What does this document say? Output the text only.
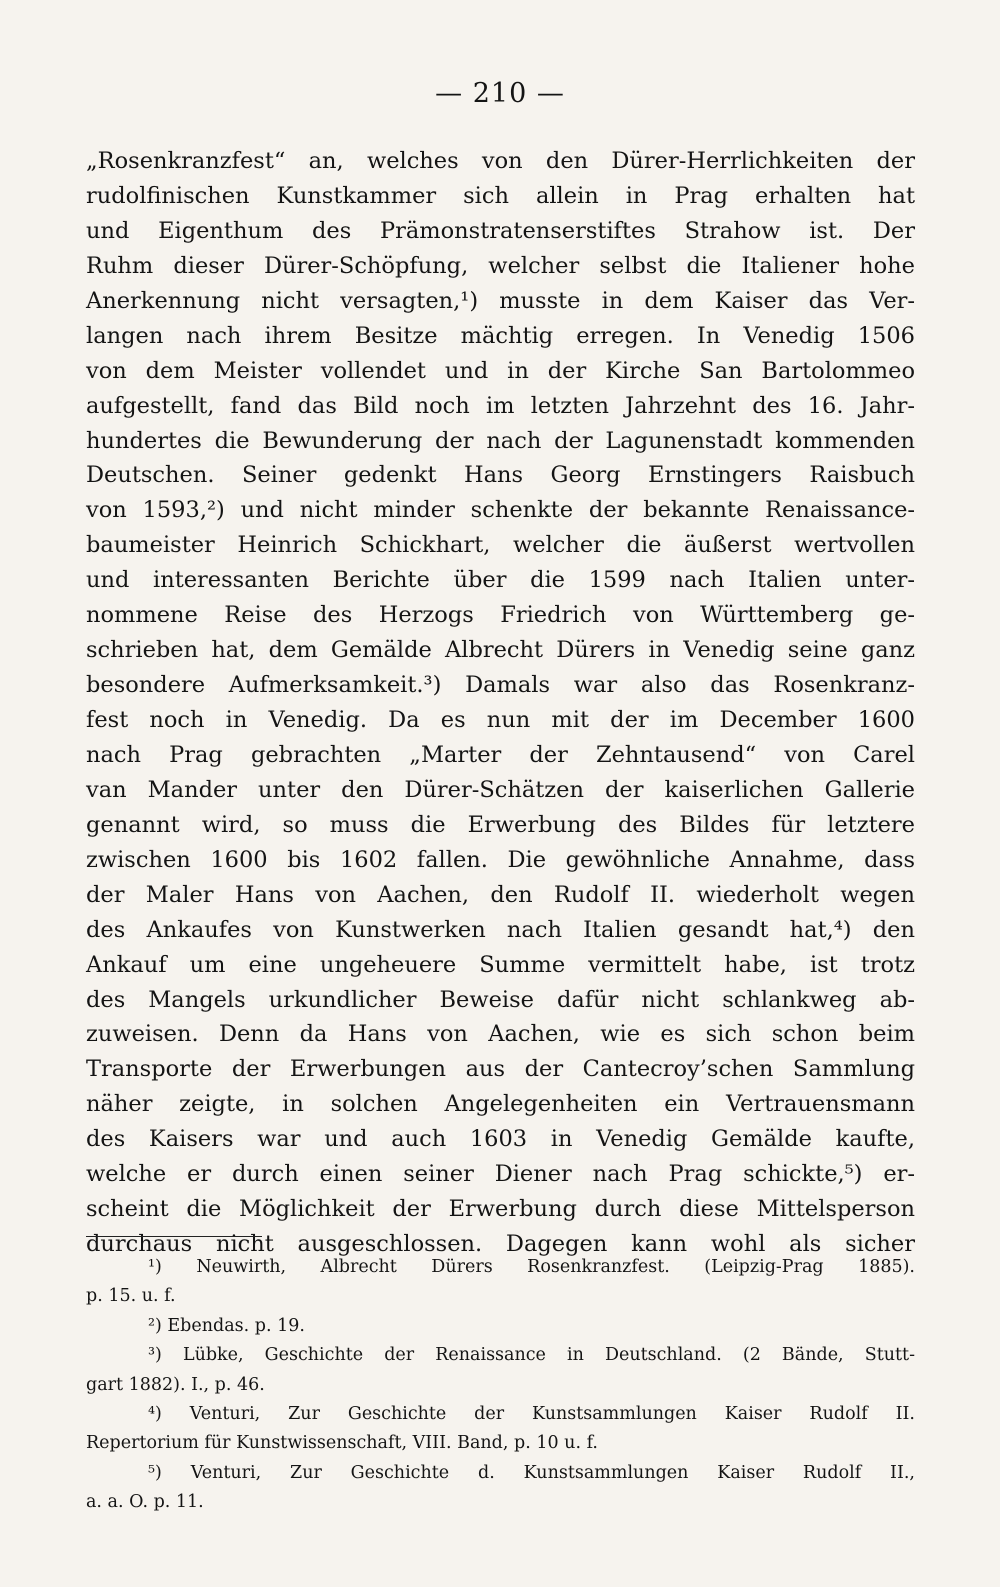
— 210 —
„Rosenkranzfest“ an, welches von den Dürer-Herrlichkeiten der
rudolfinischen Kunstkammer sich allein in Prag erhalten hat
und Eigenthum des Prämonstratenserstiftes Strahow ist. Der
Ruhm dieser Dürer-Schöpfung, welcher selbst die Italiener hohe
Anerkennung nicht versagten,¹) musste in dem Kaiser das Ver-
langen nach ihrem Besitze mächtig erregen. In Venedig 1506
von dem Meister vollendet und in der Kirche San Bartolommeo
aufgestellt, fand das Bild noch im letzten Jahrzehnt des 16. Jahr-
hundertes die Bewunderung der nach der Lagunenstadt kommenden
Deutschen. Seiner gedenkt Hans Georg Ernstingers Raisbuch
von 1593,²) und nicht minder schenkte der bekannte Renaissance-
baumeister Heinrich Schickhart, welcher die äußerst wertvollen
und interessanten Berichte über die 1599 nach Italien unter-
nommene Reise des Herzogs Friedrich von Württemberg ge-
schrieben hat, dem Gemälde Albrecht Dürers in Venedig seine ganz
besondere Aufmerksamkeit.³) Damals war also das Rosenkranz-
fest noch in Venedig. Da es nun mit der im December 1600
nach Prag gebrachten „Marter der Zehntausend“ von Carel
van Mander unter den Dürer-Schätzen der kaiserlichen Gallerie
genannt wird, so muss die Erwerbung des Bildes für letztere
zwischen 1600 bis 1602 fallen. Die gewöhnliche Annahme, dass
der Maler Hans von Aachen, den Rudolf II. wiederholt wegen
des Ankaufes von Kunstwerken nach Italien gesandt hat,⁴) den
Ankauf um eine ungeheuere Summe vermittelt habe, ist trotz
des Mangels urkundlicher Beweise dafür nicht schlankweg ab-
zuweisen. Denn da Hans von Aachen, wie es sich schon beim
Transporte der Erwerbungen aus der Cantecroy’schen Sammlung
näher zeigte, in solchen Angelegenheiten ein Vertrauensmann
des Kaisers war und auch 1603 in Venedig Gemälde kaufte,
welche er durch einen seiner Diener nach Prag schickte,⁵) er-
scheint die Möglichkeit der Erwerbung durch diese Mittelsperson
durchaus nicht ausgeschlossen. Dagegen kann wohl als sicher
¹) Neuwirth, Albrecht Dürers Rosenkranzfest. (Leipzig-Prag 1885).
p. 15. u. f.
²) Ebendas. p. 19.
³) Lübke, Geschichte der Renaissance in Deutschland. (2 Bände, Stutt-
gart 1882). I., p. 46.
⁴) Venturi, Zur Geschichte der Kunstsammlungen Kaiser Rudolf II.
Repertorium für Kunstwissenschaft, VIII. Band, p. 10 u. f.
⁵) Venturi, Zur Geschichte d. Kunstsammlungen Kaiser Rudolf II.,
a. a. O. p. 11.
